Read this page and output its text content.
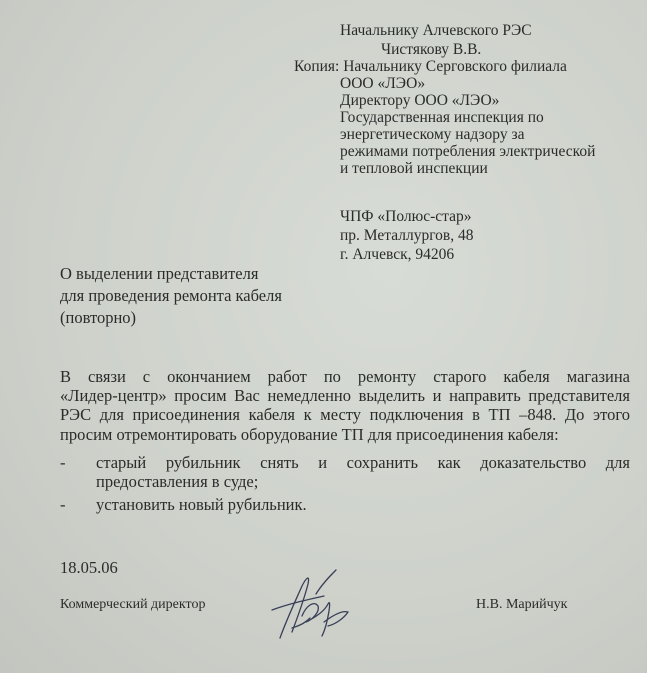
Начальнику Алчевского РЭС
Чистякову В.В.
Копия: Начальнику Серговского филиала
ООО «ЛЭО»
Директору ООО «ЛЭО»
Государственная инспекция по
энергетическому надзору за
режимами потребления электрической
и тепловой инспекции
ЧПФ «Полюс-стар»
пр. Металлургов, 48
г. Алчевск, 94206
О выделении представителя
для проведения ремонта кабеля
(повторно)
В связи с окончанием работ по ремонту старого кабеля магазина
«Лидер-центр» просим Вас немедленно выделить и направить представителя
РЭС для присоединения кабеля к месту подключения в ТП –848. До этого
просим отремонтировать оборудование ТП для присоединения кабеля:
- старый рубильник снять и сохранить как доказательство для
предоставления в суде;
- установить новый рубильник.
18.05.06
Коммерческий директор	Н.В. Марийчук
